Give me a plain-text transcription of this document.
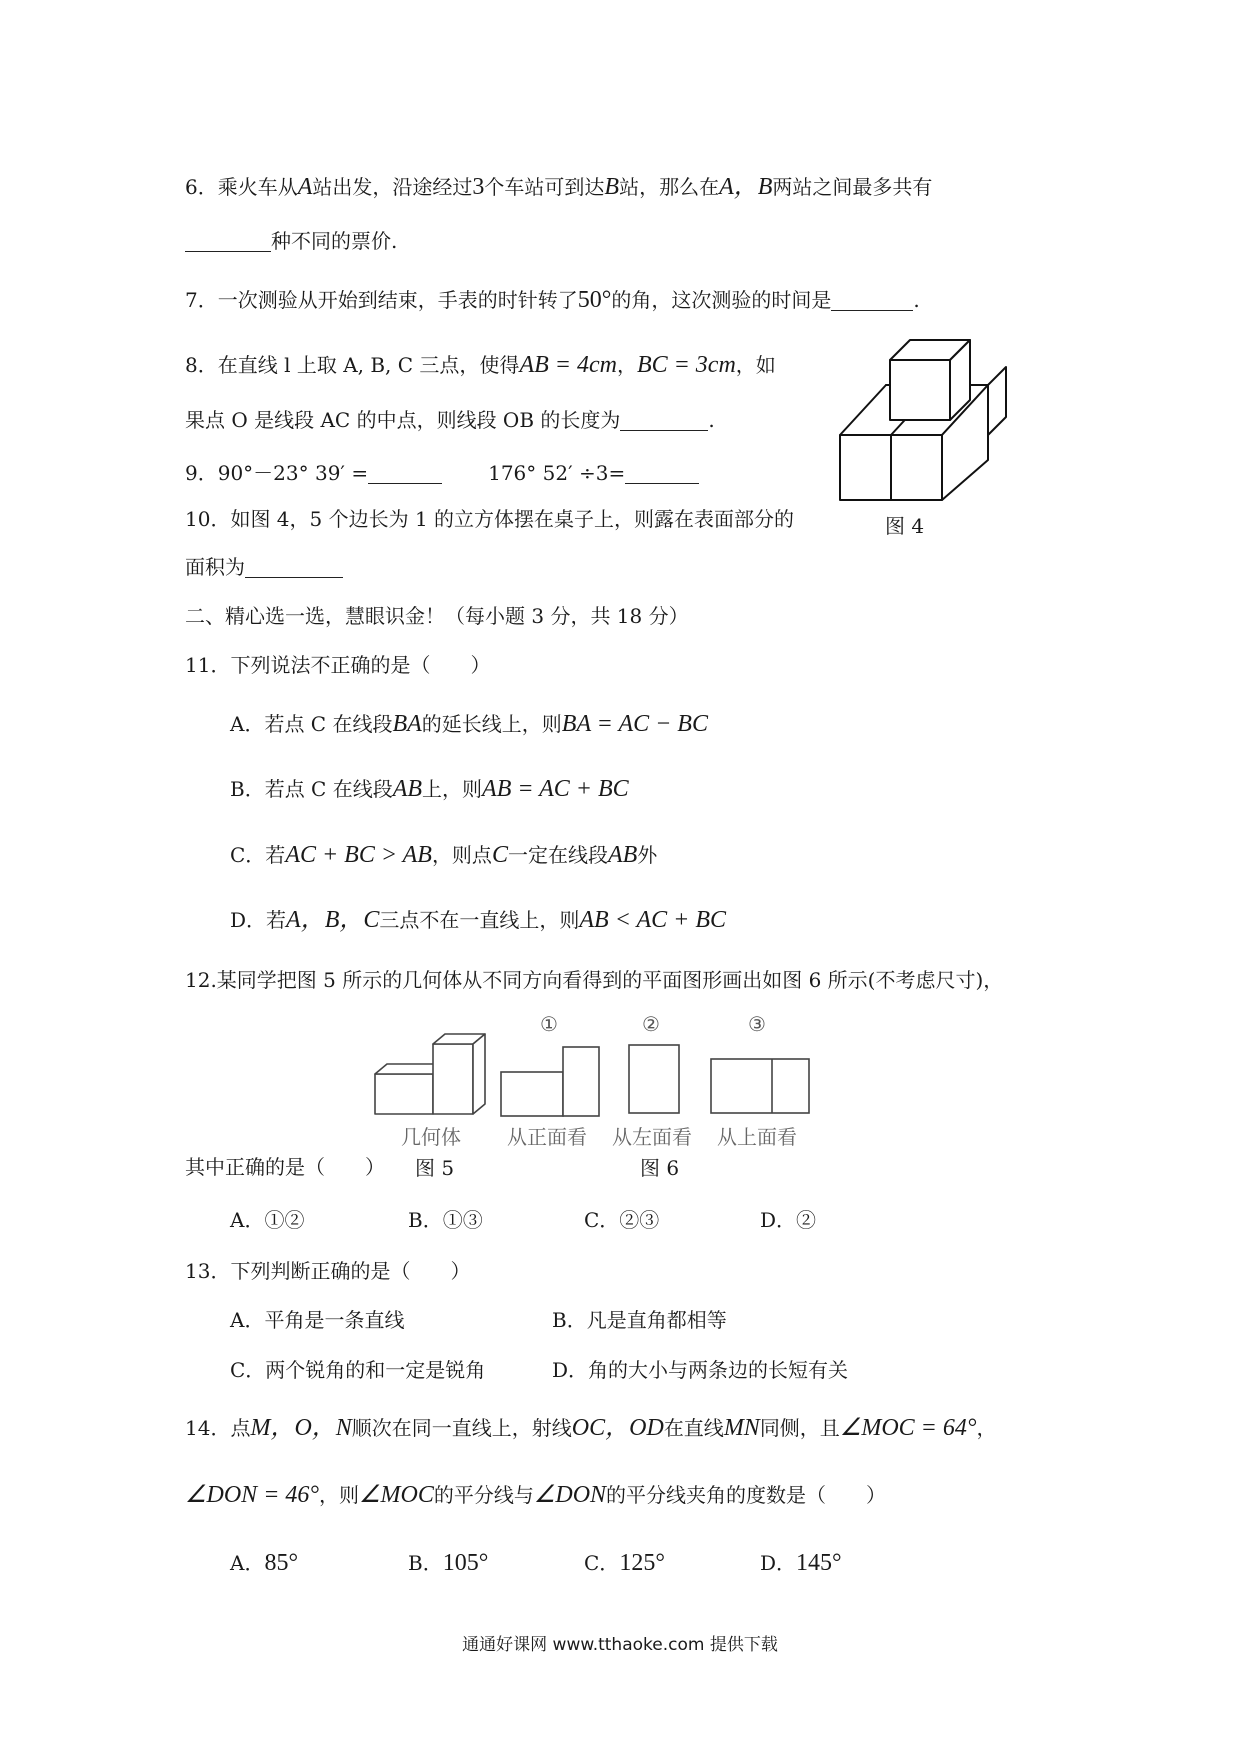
6．乘火车从A站出发，沿途经过3个车站可到达B站，那么在A，B两站之间最多共有
种不同的票价.
7．一次测验从开始到结束，手表的时针转了50°的角，这次测验的时间是	.
8．在直线 l 上取 A, B, C 三点，使得AB = 4cm，BC = 3cm，如
果点 O 是线段 AC 的中点，则线段 OB 的长度为	.
9．90°－23° 39′ =	176° 52′ ÷3=
10．如图 4，5 个边长为 1 的立方体摆在桌子上，则露在表面部分的
面积为
图 4
二、精心选一选，慧眼识金！（每小题 3 分，共 18 分）
11．下列说法不正确的是（　　）
A．若点 C 在线段BA的延长线上，则BA = AC − BC
B．若点 C 在线段AB上，则AB = AC + BC
C．若AC + BC > AB，则点C一定在线段AB外
D．若A，B，C三点不在一直线上，则AB < AC + BC
12.某同学把图 5 所示的几何体从不同方向看得到的平面图形画出如图 6 所示(不考虑尺寸)，
①	②	③
几何体 从正面看 从左面看 从上面看
其中正确的是（　　） 图 5	图 6
A．①②	B．①③	C．②③	D．②
13．下列判断正确的是（　　）
A．平角是一条直线	B．凡是直角都相等
C．两个锐角的和一定是锐角	D．角的大小与两条边的长短有关
14．点M，O，N顺次在同一直线上，射线OC，OD在直线MN同侧，且∠MOC = 64°，
∠DON = 46°，则∠MOC的平分线与∠DON的平分线夹角的度数是（　　）
A．85°	B．105°	C．125°	D．145°
通通好课网 www.tthaoke.com 提供下载
